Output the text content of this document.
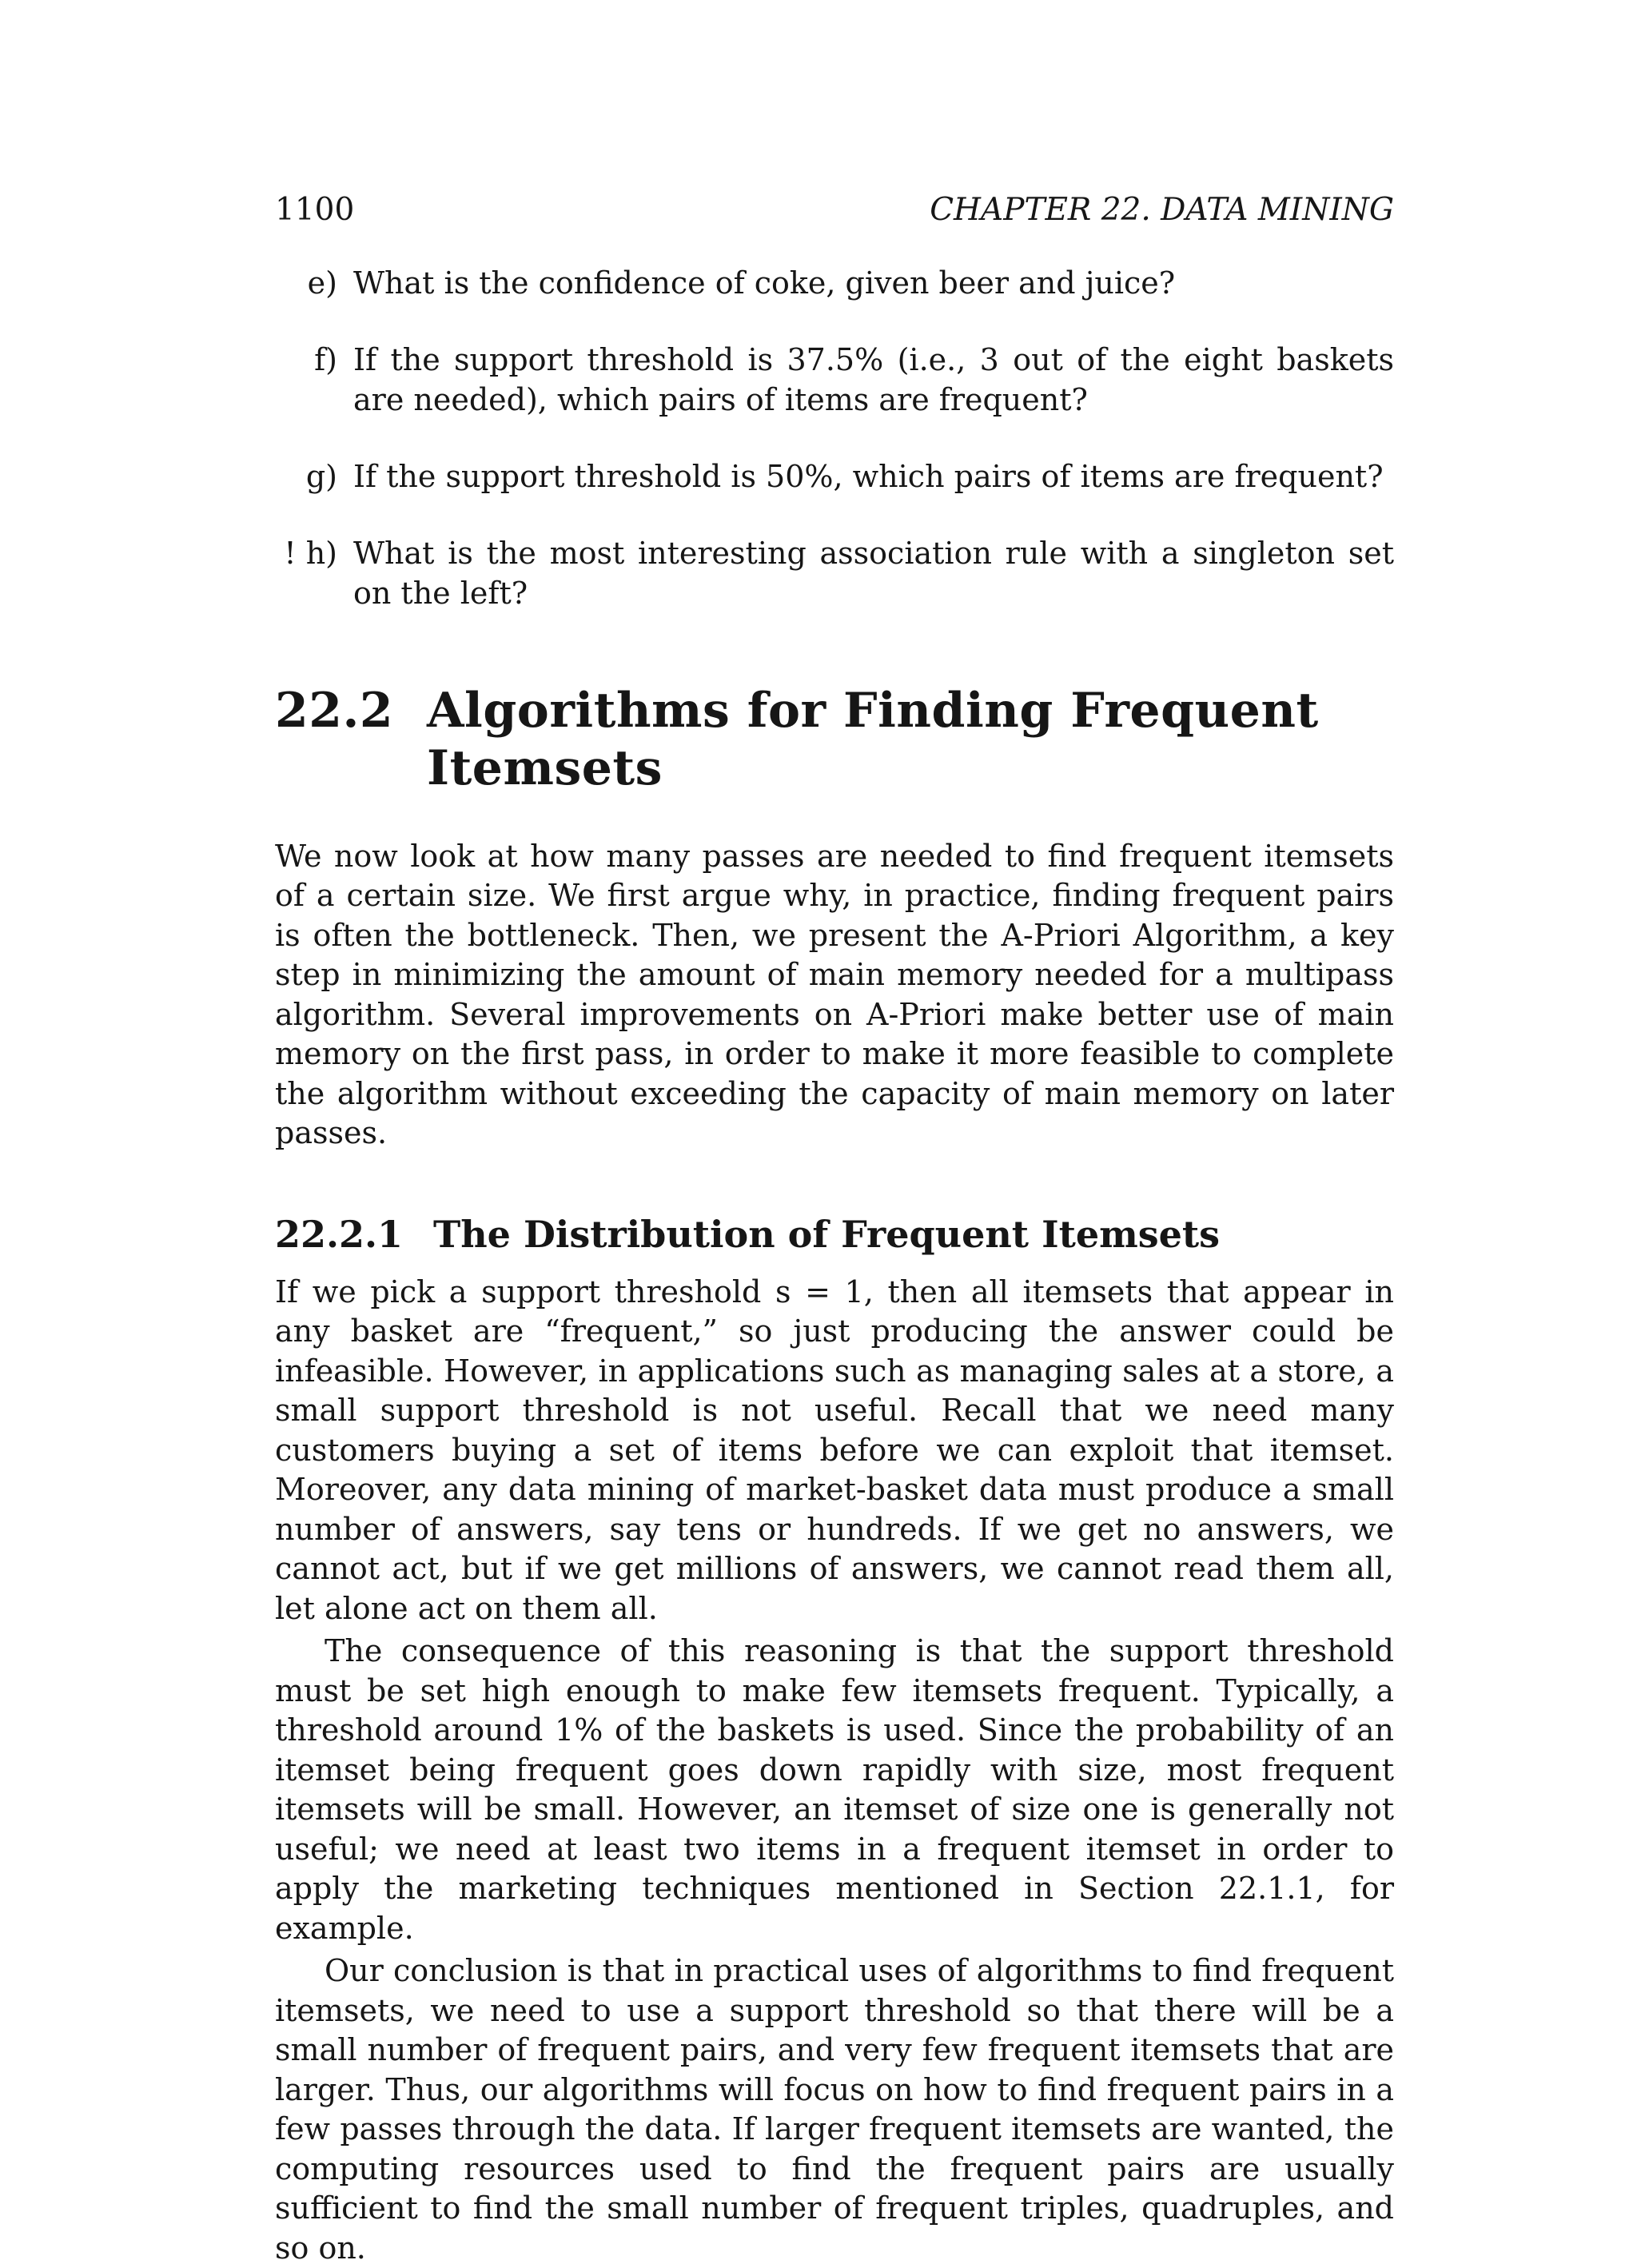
1100	CHAPTER 22. DATA MINING
e) What is the confidence of coke, given beer and juice?
f) If the support threshold is 37.5% (i.e., 3 out of the eight baskets are needed), which pairs of items are frequent?
g) If the support threshold is 50%, which pairs of items are frequent?
! h) What is the most interesting association rule with a singleton set on the left?
22.2 Algorithms for Finding Frequent Itemsets

We now look at how many passes are needed to find frequent itemsets of a certain size. We first argue why, in practice, finding frequent pairs is often the bottleneck. Then, we present the A-Priori Algorithm, a key step in minimizing the amount of main memory needed for a multipass algorithm. Several improvements on A-Priori make better use of main memory on the first pass, in order to make it more feasible to complete the algorithm without exceeding the capacity of main memory on later passes.

22.2.1 The Distribution of Frequent Itemsets

If we pick a support threshold s = 1, then all itemsets that appear in any basket are “frequent,” so just producing the answer could be infeasible. However, in applications such as managing sales at a store, a small support threshold is not useful. Recall that we need many customers buying a set of items before we can exploit that itemset. Moreover, any data mining of market-basket data must produce a small number of answers, say tens or hundreds. If we get no answers, we cannot act, but if we get millions of answers, we cannot read them all, let alone act on them all.

The consequence of this reasoning is that the support threshold must be set high enough to make few itemsets frequent. Typically, a threshold around 1% of the baskets is used. Since the probability of an itemset being frequent goes down rapidly with size, most frequent itemsets will be small. However, an itemset of size one is generally not useful; we need at least two items in a frequent itemset in order to apply the marketing techniques mentioned in Section 22.1.1, for example.

Our conclusion is that in practical uses of algorithms to find frequent itemsets, we need to use a support threshold so that there will be a small number of frequent pairs, and very few frequent itemsets that are larger. Thus, our algorithms will focus on how to find frequent pairs in a few passes through the data. If larger frequent itemsets are wanted, the computing resources used to find the frequent pairs are usually sufficient to find the small number of frequent triples, quadruples, and so on.
